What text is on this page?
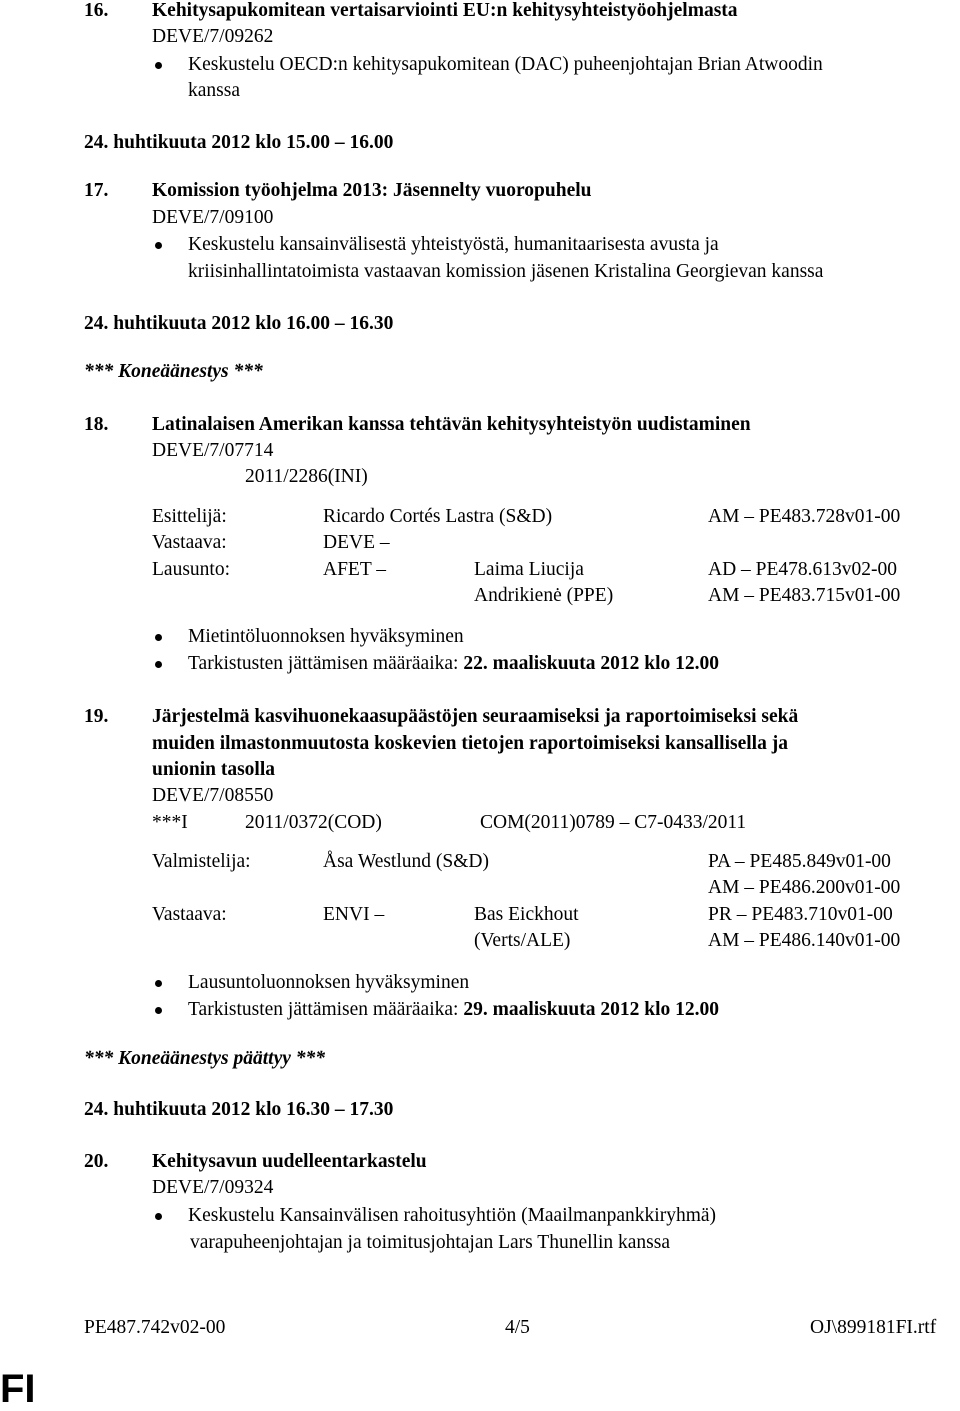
16. Kehitysapukomitean vertaisarviointi EU:n kehitysyhteistyöohjelmasta
DEVE/7/09262
Keskustelu OECD:n kehitysapukomitean (DAC) puheenjohtajan Brian Atwoodin
kanssa
24. huhtikuuta 2012 klo 15.00 – 16.00
17. Komission työohjelma 2013: Jäsennelty vuoropuhelu
DEVE/7/09100
Keskustelu kansainvälisestä yhteistyöstä, humanitaarisesta avusta ja
kriisinhallintatoimista vastaavan komission jäsenen Kristalina Georgievan kanssa
24. huhtikuuta 2012 klo 16.00 – 16.30
*** Koneäänestys ***
18. Latinalaisen Amerikan kanssa tehtävän kehitysyhteistyön uudistaminen
DEVE/7/07714
2011/2286(INI)
Esittelijä:	Ricardo Cortés Lastra (S&D)	AM – PE483.728v01-00
Vastaava:	DEVE –
Lausunto:	AFET –	Laima Liucija	AD – PE478.613v02-00
Andrikienė (PPE)	AM – PE483.715v01-00
Mietintöluonnoksen hyväksyminen
Tarkistusten jättämisen määräaika: 22. maaliskuuta 2012 klo 12.00
19. Järjestelmä kasvihuonekaasupäästöjen seuraamiseksi ja raportoimiseksi sekä
muiden ilmastonmuutosta koskevien tietojen raportoimiseksi kansallisella ja
unionin tasolla
DEVE/7/08550
***I	2011/0372(COD)	COM(2011)0789 – C7-0433/2011
Valmistelija:	Åsa Westlund (S&D)	PA – PE485.849v01-00
AM – PE486.200v01-00
Vastaava:	ENVI –	Bas Eickhout	PR – PE483.710v01-00
(Verts/ALE)	AM – PE486.140v01-00
Lausuntoluonnoksen hyväksyminen
Tarkistusten jättämisen määräaika: 29. maaliskuuta 2012 klo 12.00
*** Koneäänestys päättyy ***
24. huhtikuuta 2012 klo 16.30 – 17.30
20. Kehitysavun uudelleentarkastelu
DEVE/7/09324
Keskustelu Kansainvälisen rahoitusyhtiön (Maailmanpankkiryhmä)
varapuheenjohtajan ja toimitusjohtajan Lars Thunellin kanssa
PE487.742v02-00	4/5	OJ\899181FI.rtf
FI
